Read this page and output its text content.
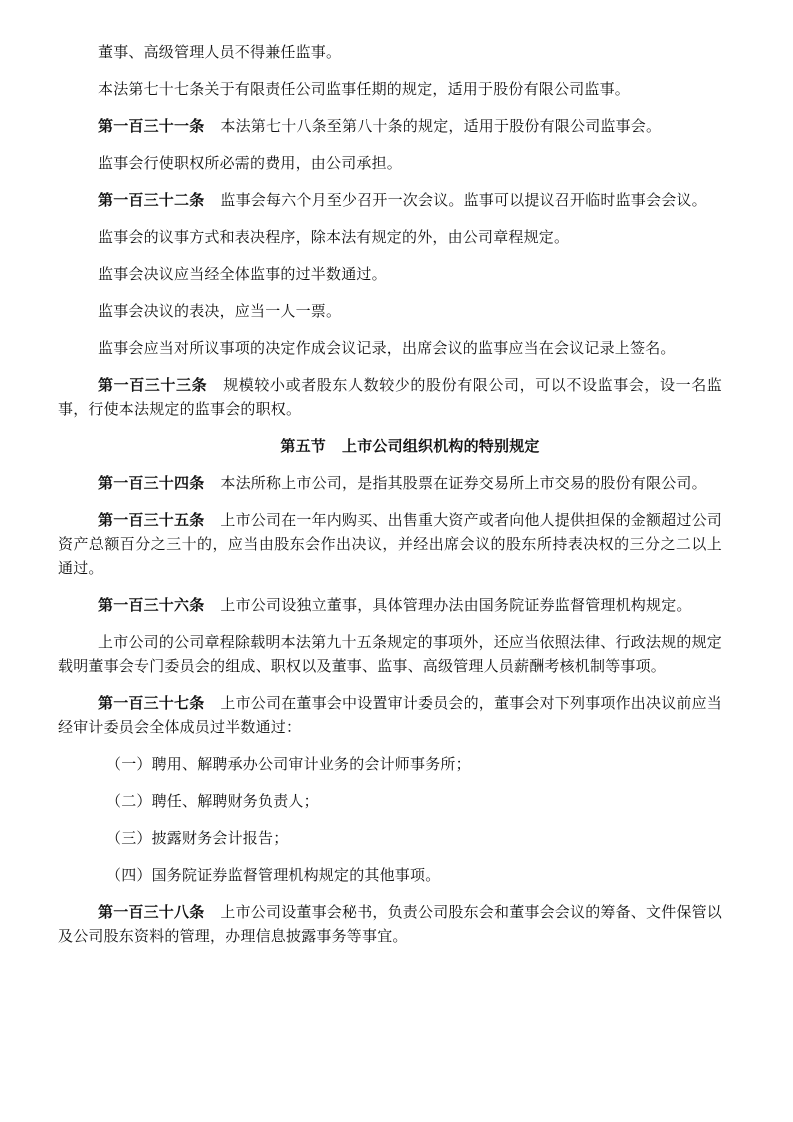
董事、高级管理人员不得兼任监事。

本法第七十七条关于有限责任公司监事任期的规定，适用于股份有限公司监事。

第一百三十一条 本法第七十八条至第八十条的规定，适用于股份有限公司监事会。

监事会行使职权所必需的费用，由公司承担。

第一百三十二条 监事会每六个月至少召开一次会议。监事可以提议召开临时监事会会议。

监事会的议事方式和表决程序，除本法有规定的外，由公司章程规定。

监事会决议应当经全体监事的过半数通过。

监事会决议的表决，应当一人一票。

监事会应当对所议事项的决定作成会议记录，出席会议的监事应当在会议记录上签名。

第一百三十三条 规模较小或者股东人数较少的股份有限公司，可以不设监事会，设一名监事，行使本法规定的监事会的职权。

第五节 上市公司组织机构的特别规定

第一百三十四条 本法所称上市公司，是指其股票在证券交易所上市交易的股份有限公司。

第一百三十五条 上市公司在一年内购买、出售重大资产或者向他人提供担保的金额超过公司资产总额百分之三十的，应当由股东会作出决议，并经出席会议的股东所持表决权的三分之二以上通过。

第一百三十六条 上市公司设独立董事，具体管理办法由国务院证券监督管理机构规定。

上市公司的公司章程除载明本法第九十五条规定的事项外，还应当依照法律、行政法规的规定载明董事会专门委员会的组成、职权以及董事、监事、高级管理人员薪酬考核机制等事项。

第一百三十七条 上市公司在董事会中设置审计委员会的，董事会对下列事项作出决议前应当经审计委员会全体成员过半数通过：

（一）聘用、解聘承办公司审计业务的会计师事务所；

（二）聘任、解聘财务负责人；

（三）披露财务会计报告；

（四）国务院证券监督管理机构规定的其他事项。

第一百三十八条 上市公司设董事会秘书，负责公司股东会和董事会会议的筹备、文件保管以及公司股东资料的管理，办理信息披露事务等事宜。
